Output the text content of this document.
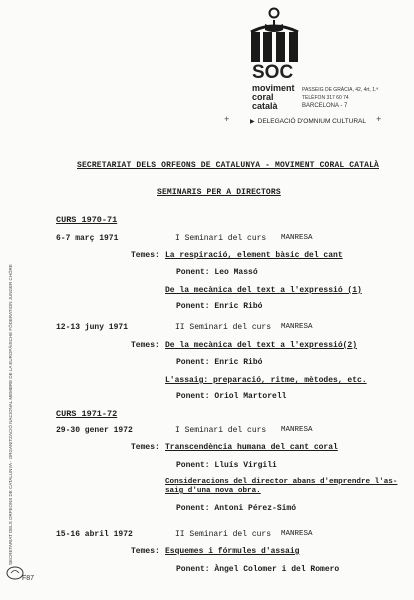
SOC
moviment
coral
català
PASSEIG DE GRÀCIA, 42, 4rt, 1.ª
TELÈFON 317 60 74
BARCELONA - 7
▶ DELEGACIÓ D'OMNIUM CULTURAL +
+
SECRETARIAT DELS ORFEONS DE CATALUNYA - MOVIMENT CORAL CATALÀ
SEMINARIS PER A DIRECTORS
CURS 1970-71
6-7 març 1971	I Seminari del curs MANRESA
Temes: La respiració, element bàsic del cant
Ponent: Leo Massó
De la mecànica del text a l'expressió (1)
Ponent: Enric Ribó
12-13 juny 1971	II Seminari del curs MANRESA
Temes: De la mecànica del text a l'expressió(2)
Ponent: Enric Ribó
L'assaig: preparació, ritme, mètodes, etc.
Ponent: Oriol Martorell
CURS 1971-72
29-30 gener 1972	I Seminari del curs MANRESA
Temes: Transcendència humana del cant coral
Ponent: Lluís Virgili
Consideracions del director abans d'emprendre l'as-
saig d'una nova obra.
Ponent: Antoni Pérez-Simó
15-16 abril 1972	II Seminari del curs MANRESA
Temes: Esquemes i fórmules d'assaig
Ponent: Àngel Colomer i del Romero
SECRETARIAT DELS ORFEONS DE CATALUNYA · ORGANITZACIÓ NACIONAL MEMBRE DE LA EUROPÄISCHE FÖDERATION JUNGER CHÖRE
F87
